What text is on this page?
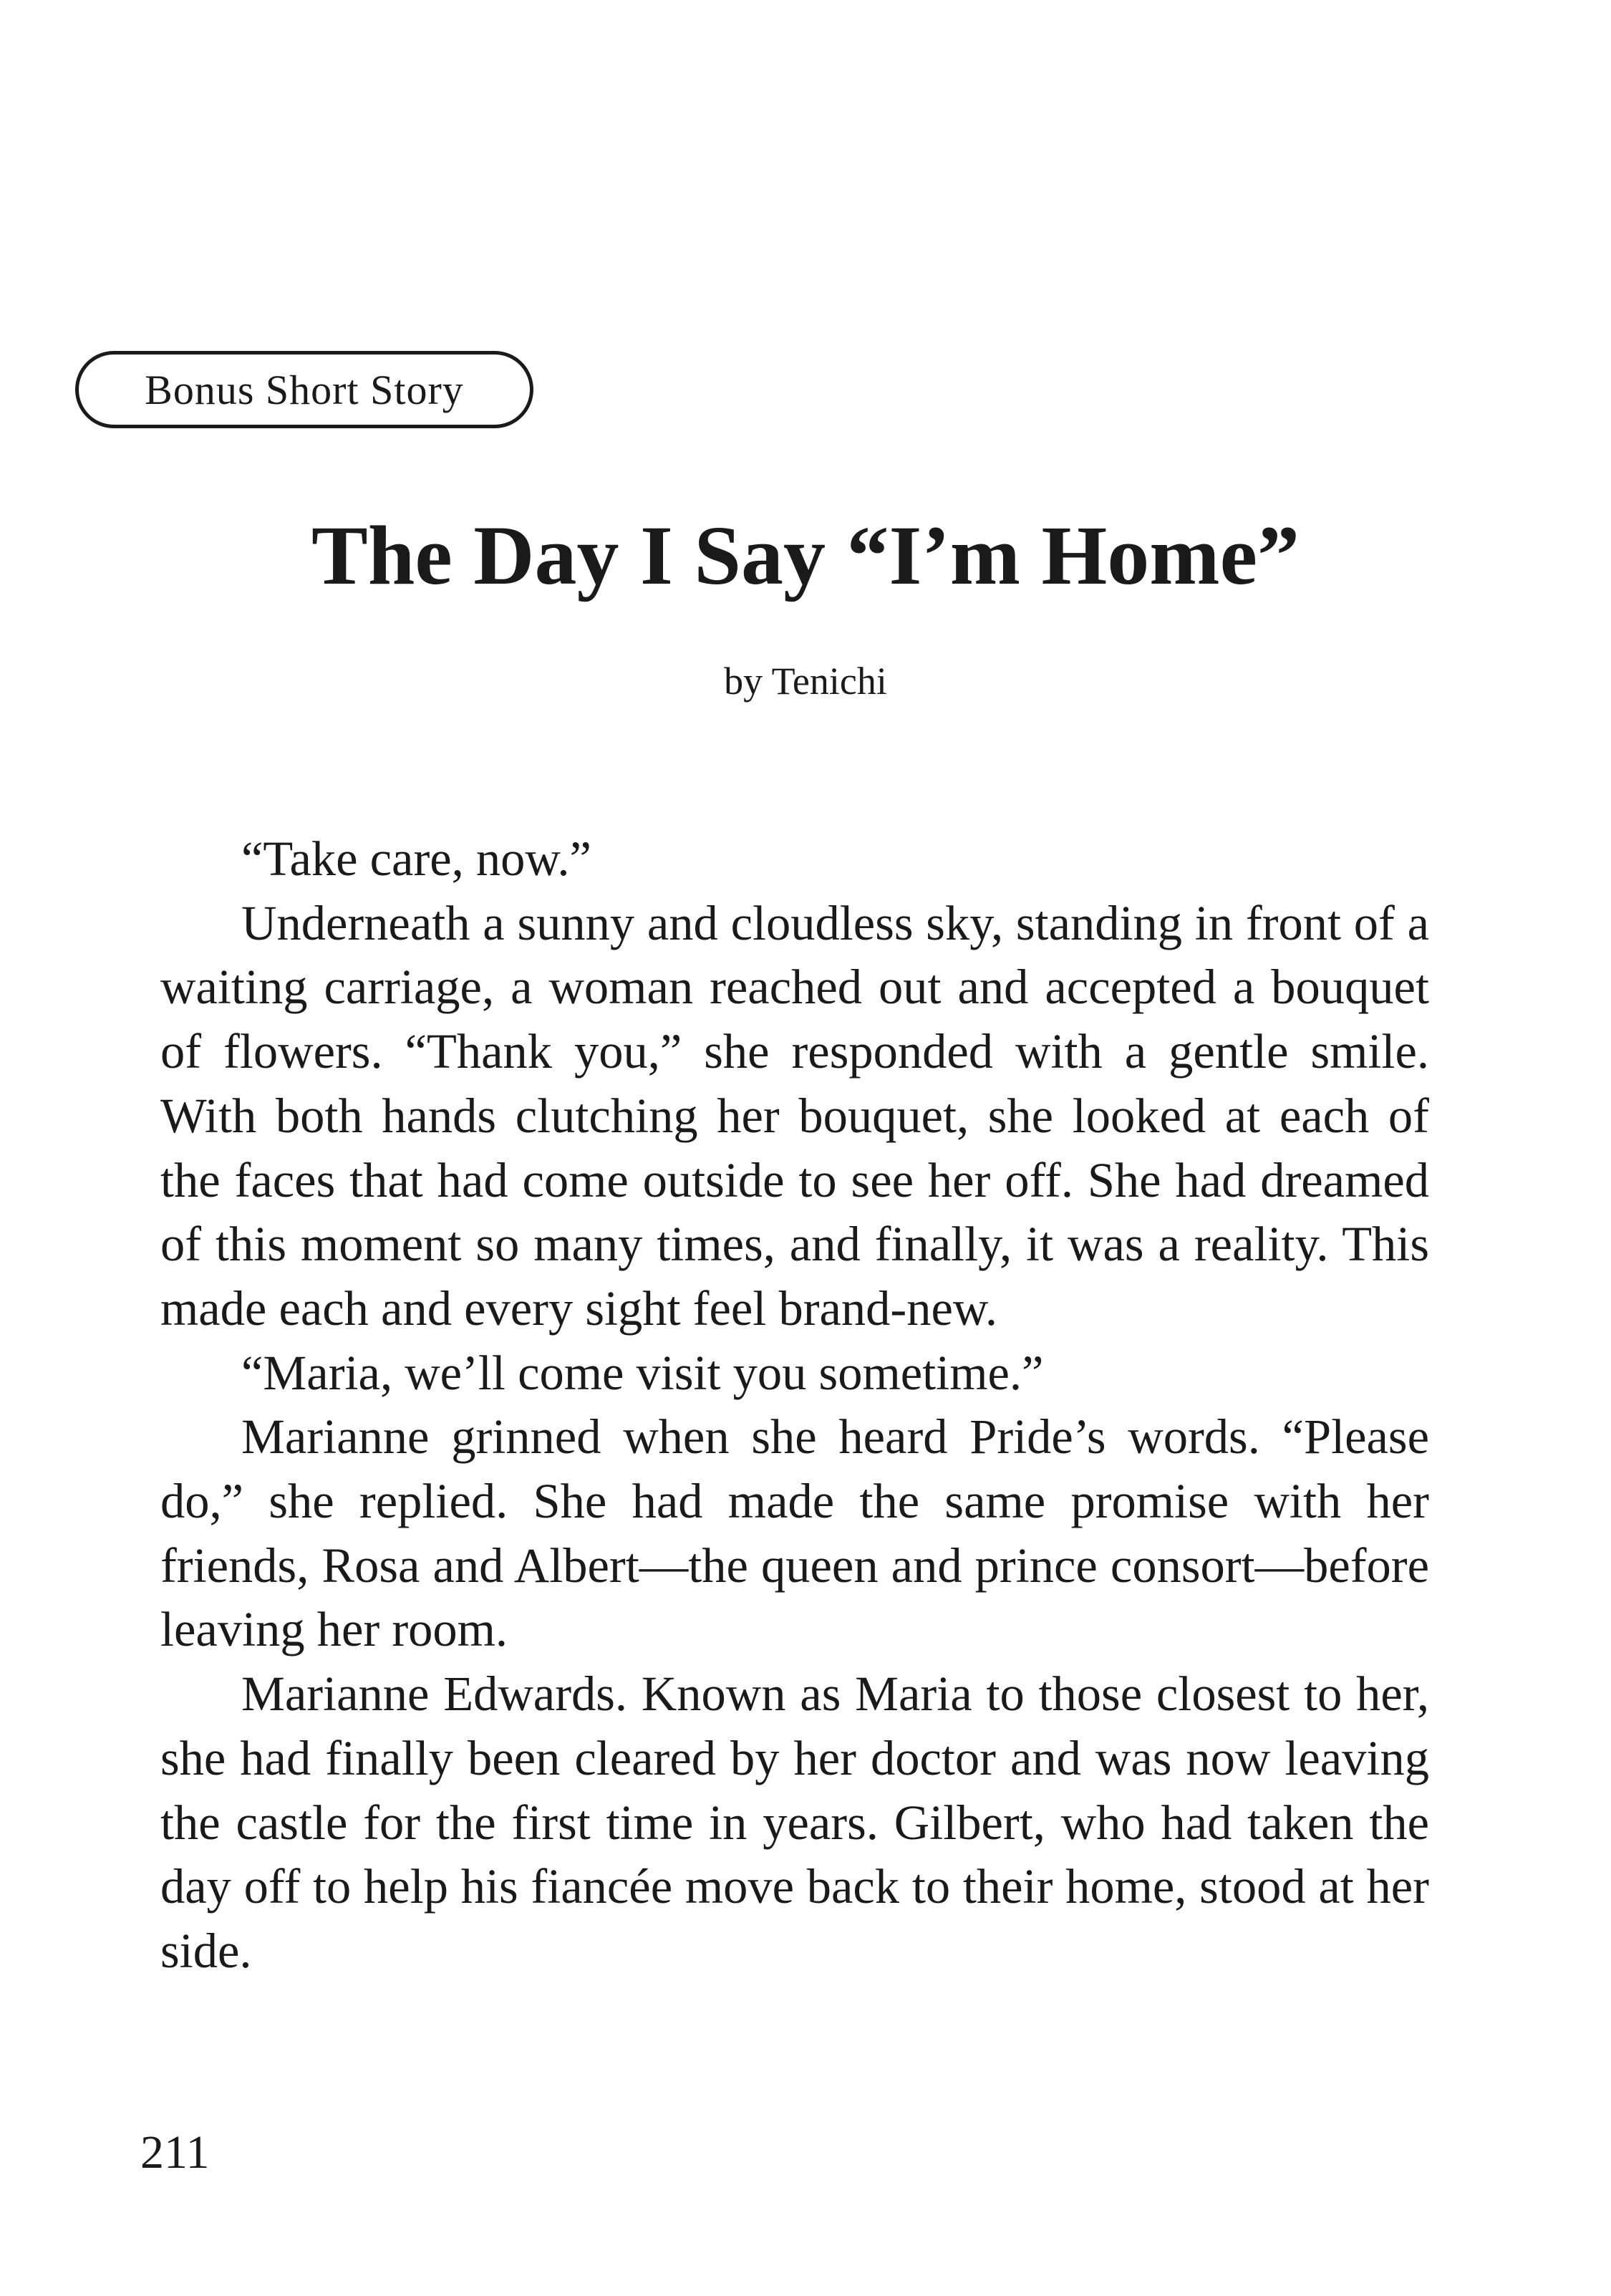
Bonus Short Story
The Day I Say “I’m Home”

by Tenichi

“Take care, now.”

Underneath a sunny and cloudless sky, standing in front of a waiting carriage, a woman reached out and accepted a bouquet of flowers. “Thank you,” she responded with a gentle smile. With both hands clutching her bouquet, she looked at each of the faces that had come outside to see her off. She had dreamed of this moment so many times, and finally, it was a reality. This made each and every sight feel brand-new.

“Maria, we’ll come visit you sometime.”

Marianne grinned when she heard Pride’s words. “Please do,” she replied. She had made the same promise with her friends, Rosa and Albert—the queen and prince consort—before leaving her room.

Marianne Edwards. Known as Maria to those closest to her, she had finally been cleared by her doctor and was now leaving the castle for the first time in years. Gilbert, who had taken the day off to help his fiancée move back to their home, stood at her side.

211
